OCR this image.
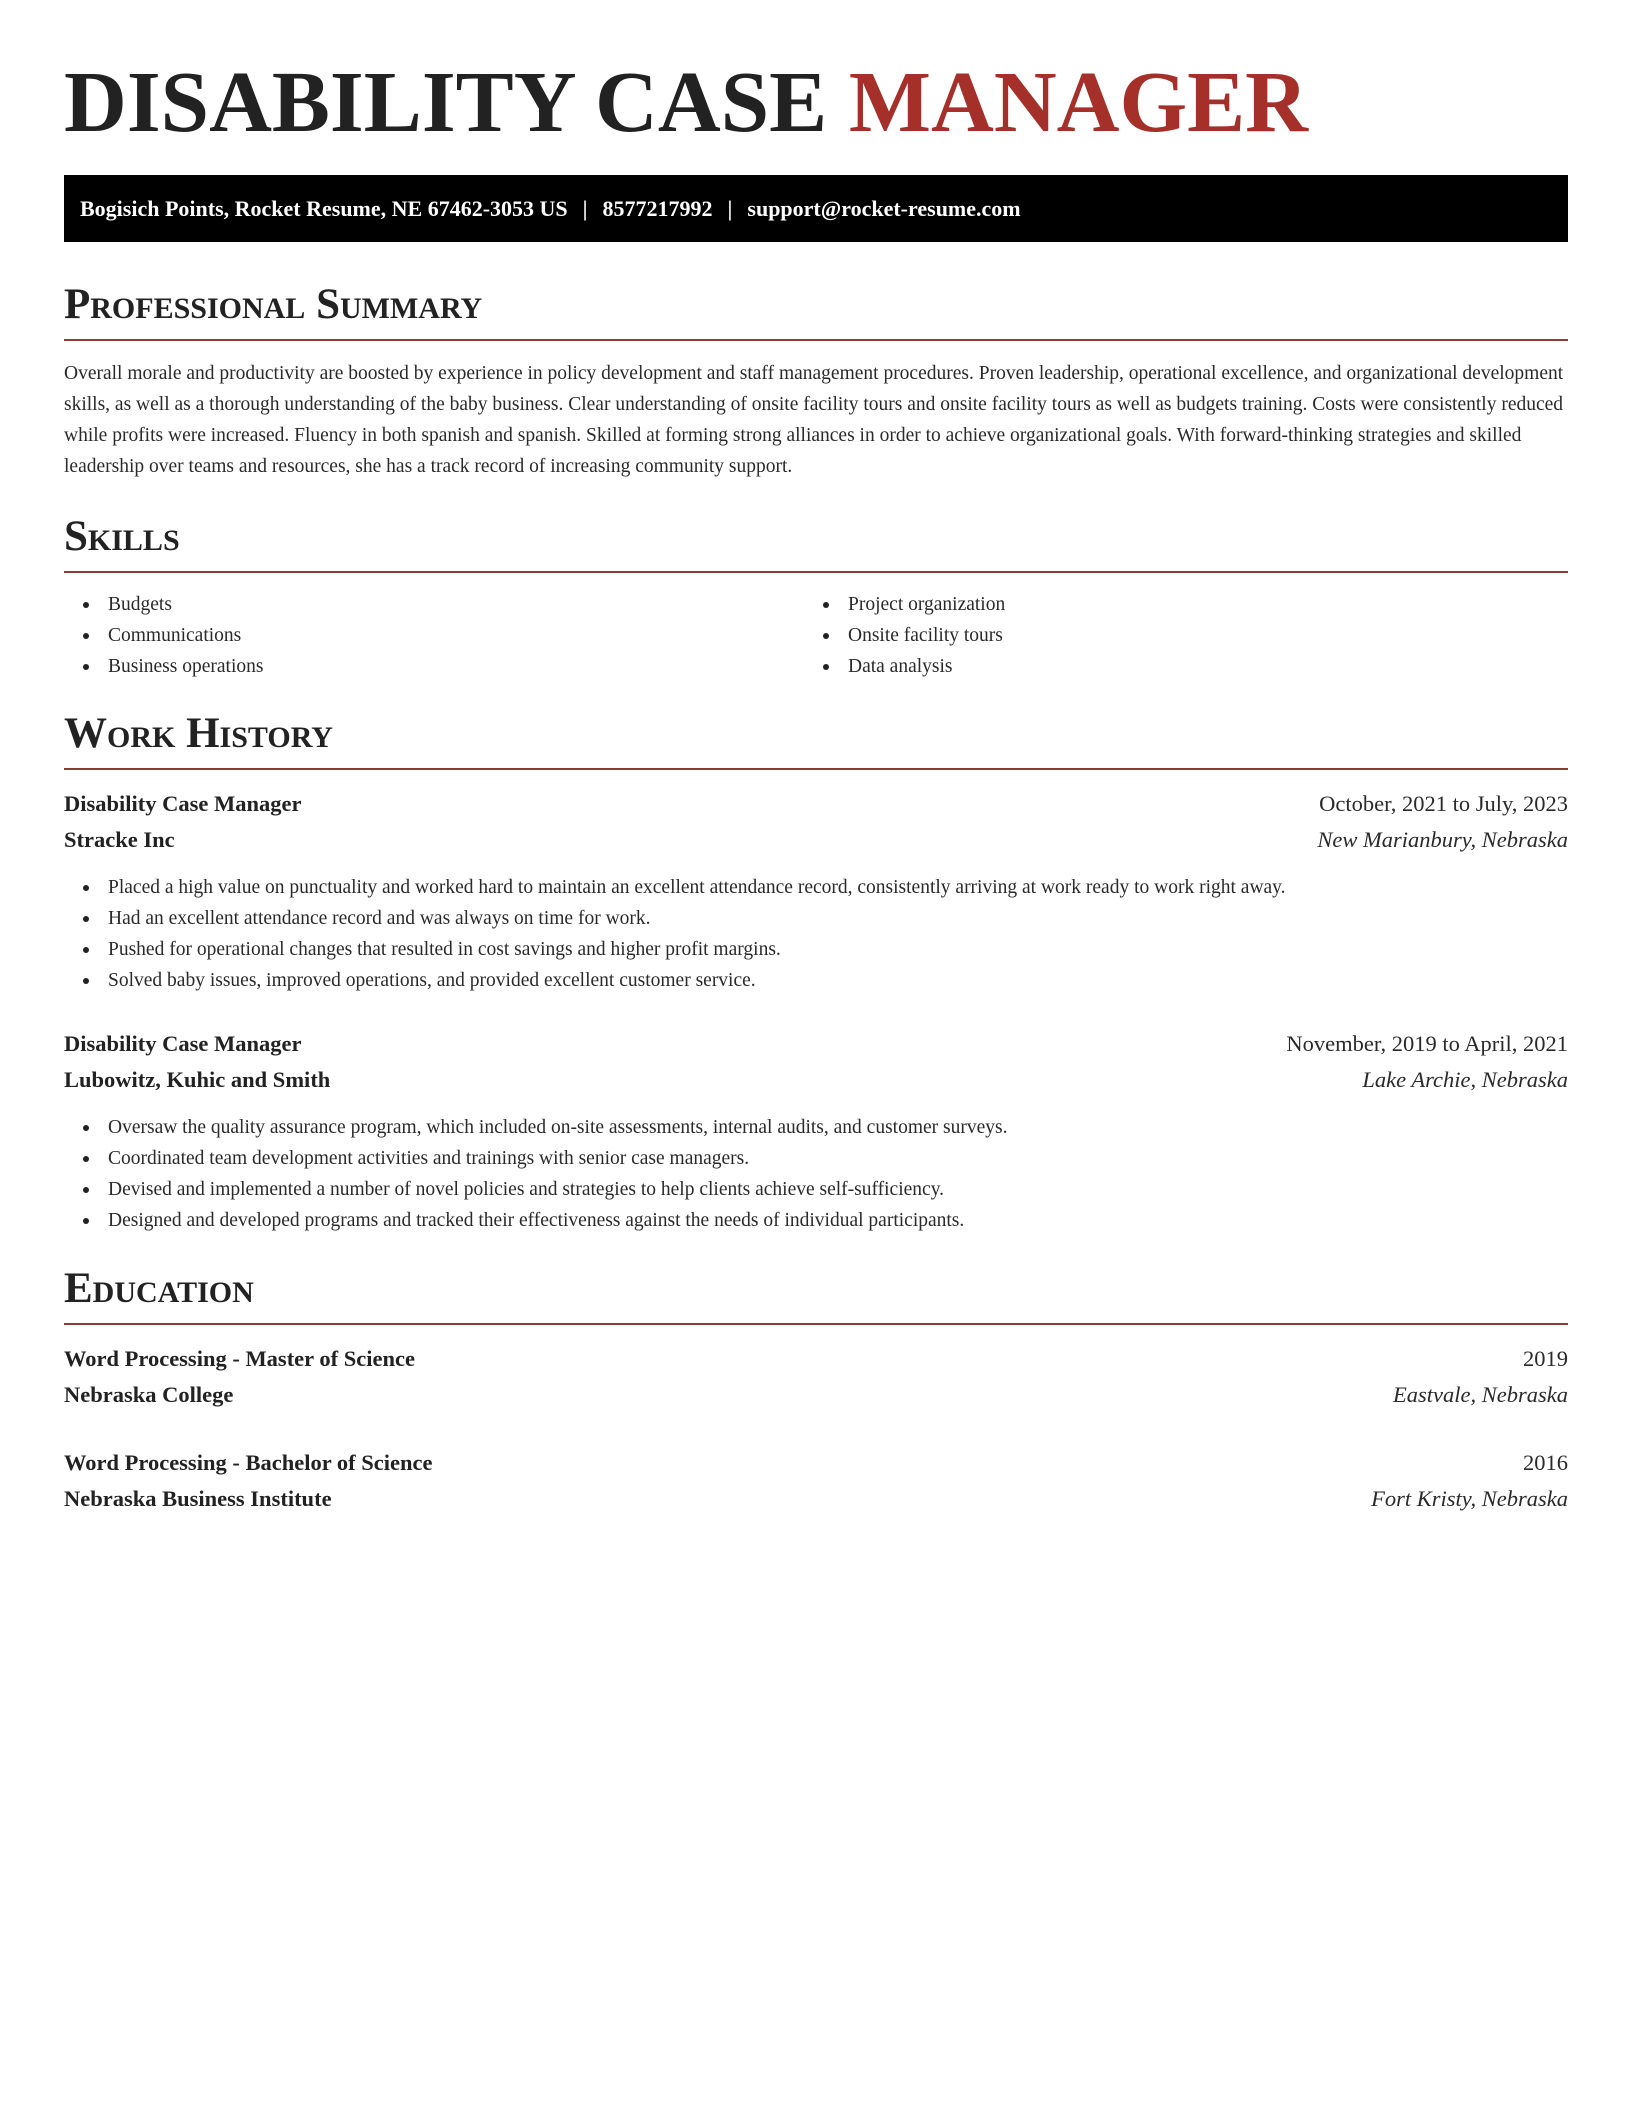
DISABILITY CASE MANAGER
Bogisich Points, Rocket Resume, NE 67462-3053 US | 8577217992 | support@rocket-resume.com
Professional Summary

Overall morale and productivity are boosted by experience in policy development and staff management procedures. Proven leadership, operational excellence, and organizational development skills, as well as a thorough understanding of the baby business. Clear understanding of onsite facility tours and onsite facility tours as well as budgets training. Costs were consistently reduced while profits were increased. Fluency in both spanish and spanish. Skilled at forming strong alliances in order to achieve organizational goals. With forward-thinking strategies and skilled leadership over teams and resources, she has a track record of increasing community support.

Skills
Budgets
Communications
Business operations
Project organization
Onsite facility tours
Data analysis
Work History
Disability Case Manager	October, 2021 to July, 2023
Stracke Inc	New Marianbury, Nebraska
Placed a high value on punctuality and worked hard to maintain an excellent attendance record, consistently arriving at work ready to work right away.
Had an excellent attendance record and was always on time for work.
Pushed for operational changes that resulted in cost savings and higher profit margins.
Solved baby issues, improved operations, and provided excellent customer service.
Disability Case Manager	November, 2019 to April, 2021
Lubowitz, Kuhic and Smith	Lake Archie, Nebraska
Oversaw the quality assurance program, which included on-site assessments, internal audits, and customer surveys.
Coordinated team development activities and trainings with senior case managers.
Devised and implemented a number of novel policies and strategies to help clients achieve self-sufficiency.
Designed and developed programs and tracked their effectiveness against the needs of individual participants.
Education
Word Processing - Master of Science	2019
Nebraska College	Eastvale, Nebraska
Word Processing - Bachelor of Science	2016
Nebraska Business Institute	Fort Kristy, Nebraska
